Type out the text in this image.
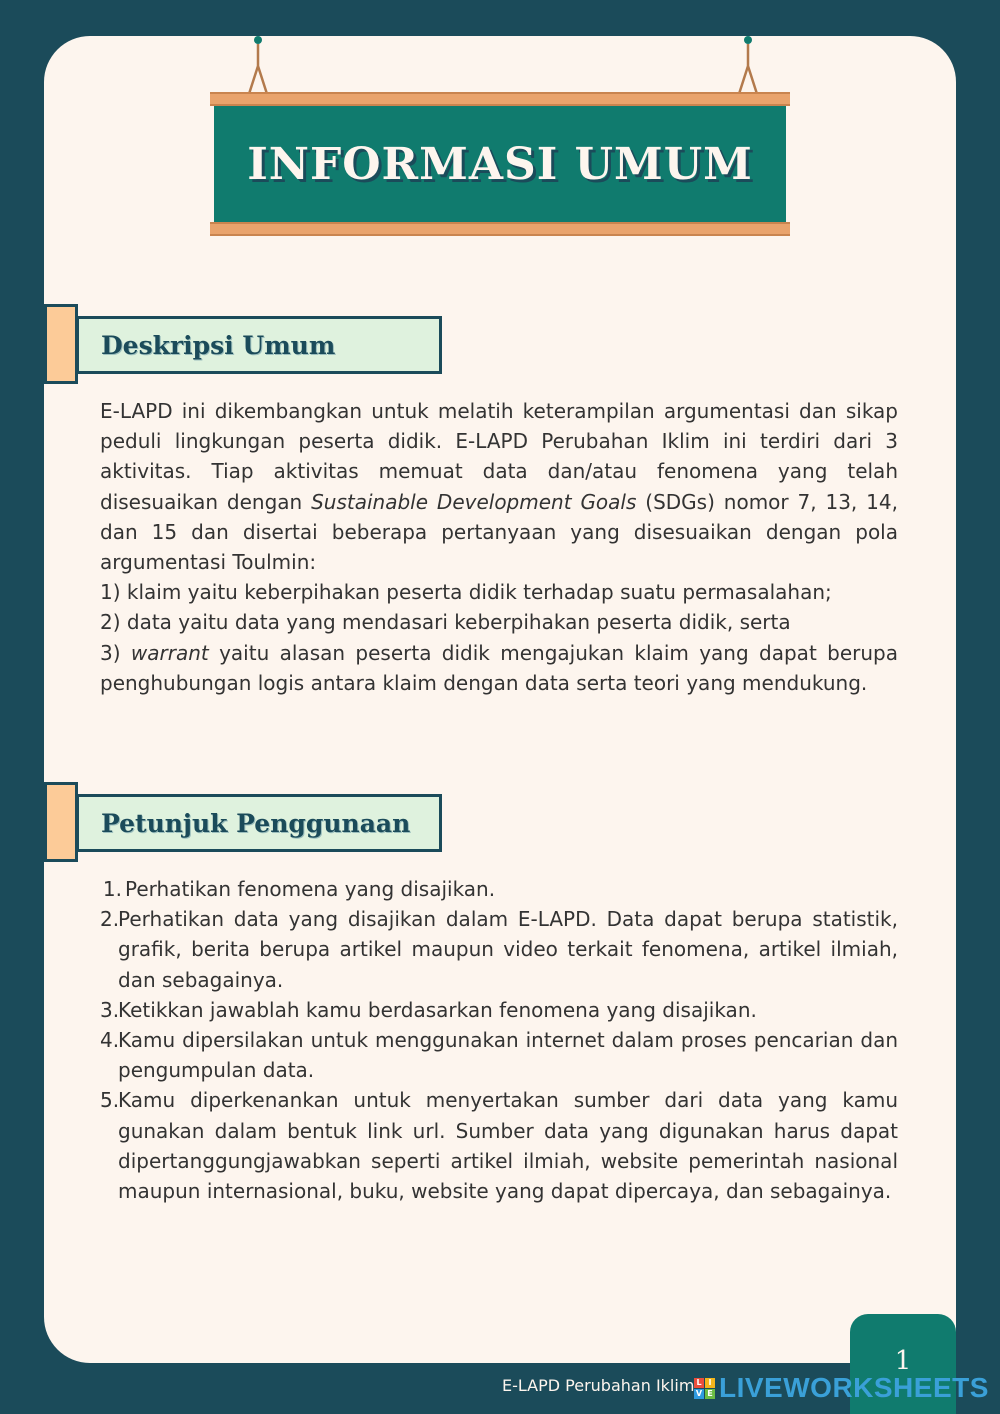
INFORMASI UMUM
Deskripsi Umum

E-LAPD ini dikembangkan untuk melatih keterampilan argumentasi dan sikap peduli lingkungan peserta didik. E-LAPD Perubahan Iklim ini terdiri dari 3 aktivitas. Tiap aktivitas memuat data dan/atau fenomena yang telah disesuaikan dengan Sustainable Development Goals (SDGs) nomor 7, 13, 14, dan 15 dan disertai beberapa pertanyaan yang disesuaikan dengan pola argumentasi Toulmin:

1) klaim yaitu keberpihakan peserta didik terhadap suatu permasalahan;

2) data yaitu data yang mendasari keberpihakan peserta didik, serta

3) warrant yaitu alasan peserta didik mengajukan klaim yang dapat berupa penghubungan logis antara klaim dengan data serta teori yang mendukung.

Petunjuk Penggunaan
1. Perhatikan fenomena yang disajikan.
2.
Perhatikan data yang disajikan dalam E-LAPD. Data dapat berupa statistik, grafik, berita berupa artikel maupun video terkait fenomena, artikel ilmiah, dan sebagainya.
3.
Ketikkan jawablah kamu berdasarkan fenomena yang disajikan.
4.
Kamu dipersilakan untuk menggunakan internet dalam proses pencarian dan pengumpulan data.
5.
Kamu diperkenankan untuk menyertakan sumber dari data yang kamu gunakan dalam bentuk link url. Sumber data yang digunakan harus dapat dipertanggungjawabkan seperti artikel ilmiah, website pemerintah nasional maupun internasional, buku, website yang dapat dipercaya, dan sebagainya.
1
E-LAPD Perubahan Iklim L I
V E LIVEWORKSHEETS
